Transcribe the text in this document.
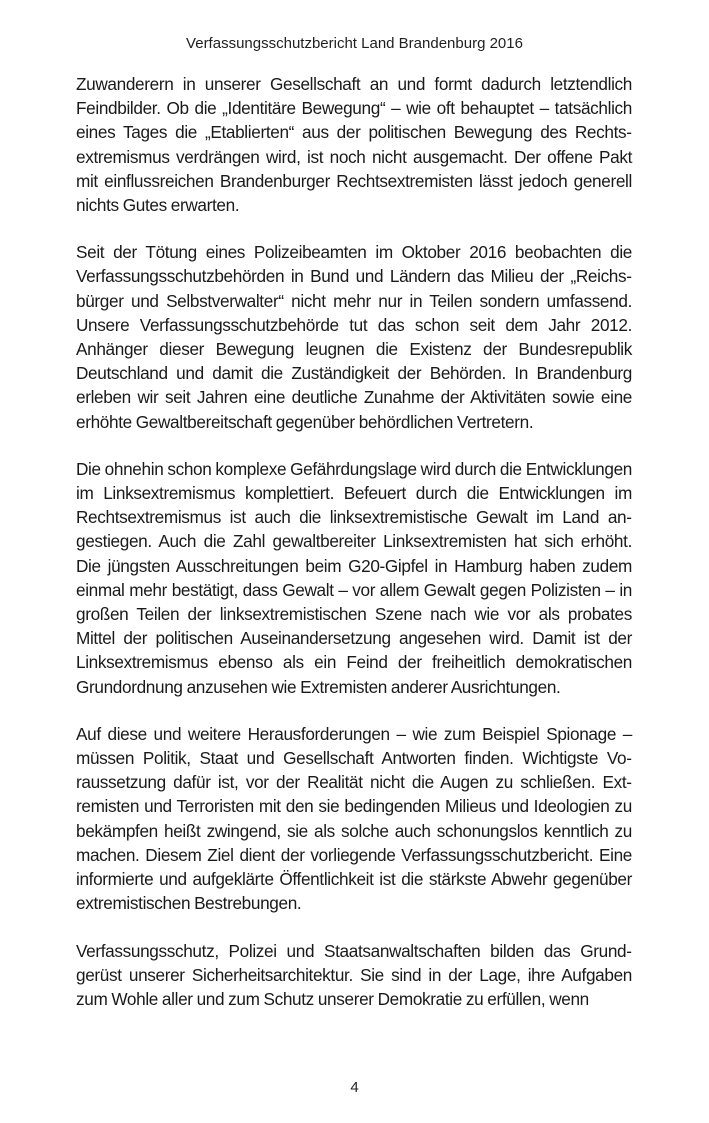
Verfassungsschutzbericht Land Brandenburg 2016

Zuwanderern in unserer Gesellschaft an und formt dadurch letztendlich Feindbilder. Ob die „Identitäre Bewegung“ – wie oft behauptet – tatsächlich eines Tages die „Etablierten“ aus der politischen Bewegung des Rechtsextremismus verdrängen wird, ist noch nicht ausgemacht. Der offene Pakt mit einflussreichen Brandenburger Rechtsextremisten lässt jedoch generell nichts Gutes erwarten.

Seit der Tötung eines Polizeibeamten im Oktober 2016 beobachten die Verfassungsschutzbehörden in Bund und Ländern das Milieu der „Reichsbürger und Selbstverwalter“ nicht mehr nur in Teilen sondern umfassend. Unsere Verfassungsschutzbehörde tut das schon seit dem Jahr 2012. Anhänger dieser Bewegung leugnen die Existenz der Bundesrepublik Deutschland und damit die Zuständigkeit der Behörden. In Brandenburg erleben wir seit Jahren eine deutliche Zunahme der Aktivitäten sowie eine erhöhte Gewaltbereitschaft gegenüber behördlichen Vertretern.

Die ohnehin schon komplexe Gefährdungslage wird durch die Entwicklungen im Linksextremismus komplettiert. Befeuert durch die Entwicklungen im Rechtsextremismus ist auch die linksextremistische Gewalt im Land angestiegen. Auch die Zahl gewaltbereiter Linksextremisten hat sich erhöht. Die jüngsten Ausschreitungen beim G20-Gipfel in Hamburg haben zudem einmal mehr bestätigt, dass Gewalt – vor allem Gewalt gegen Polizisten – in großen Teilen der linksextremistischen Szene nach wie vor als probates Mittel der politischen Auseinandersetzung angesehen wird. Damit ist der Linksextremismus ebenso als ein Feind der freiheitlich demokratischen Grundordnung anzusehen wie Extremisten anderer Ausrichtungen.

Auf diese und weitere Herausforderungen – wie zum Beispiel Spionage – müssen Politik, Staat und Gesellschaft Antworten finden. Wichtigste Voraussetzung dafür ist, vor der Realität nicht die Augen zu schließen. Extremisten und Terroristen mit den sie bedingenden Milieus und Ideologien zu bekämpfen heißt zwingend, sie als solche auch schonungslos kenntlich zu machen. Diesem Ziel dient der vorliegende Verfassungsschutzbericht. Eine informierte und aufgeklärte Öffentlichkeit ist die stärkste Abwehr gegenüber extremistischen Bestrebungen.

Verfassungsschutz, Polizei und Staatsanwaltschaften bilden das Grundgerüst unserer Sicherheitsarchitektur. Sie sind in der Lage, ihre Aufgaben zum Wohle aller und zum Schutz unserer Demokratie zu erfüllen, wenn

4
